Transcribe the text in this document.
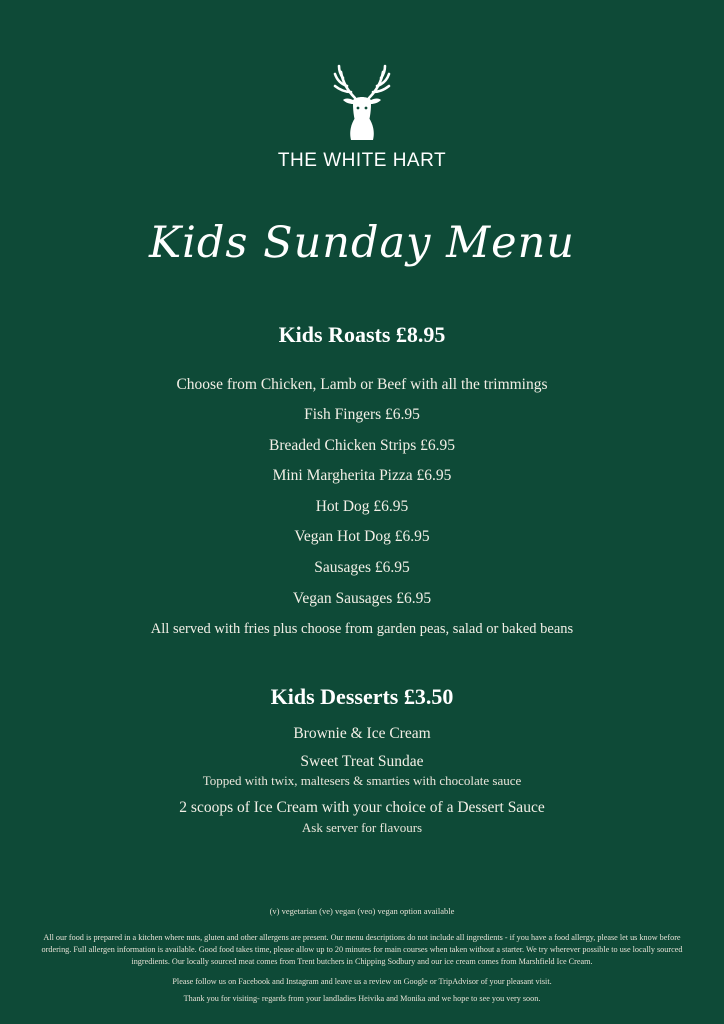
THE WHITE HART
Kids Sunday Menu
Kids Roasts £8.95
Choose from Chicken, Lamb or Beef with all the trimmings
Fish Fingers £6.95
Breaded Chicken Strips £6.95
Mini Margherita Pizza £6.95
Hot Dog £6.95
Vegan Hot Dog £6.95
Sausages £6.95
Vegan Sausages £6.95
All served with fries plus choose from garden peas, salad or baked beans
Kids Desserts £3.50
Brownie & Ice Cream
Sweet Treat Sundae
Topped with twix, maltesers & smarties with chocolate sauce
2 scoops of Ice Cream with your choice of a Dessert Sauce
Ask server for flavours
(v) vegetarian (ve) vegan (veo) vegan option available
All our food is prepared in a kitchen where nuts, gluten and other allergens are present. Our menu descriptions do not include all ingredients - if you have a food allergy, please let us know before ordering. Full allergen information is available. Good food takes time, please allow up to 20 minutes for main courses when taken without a starter. We try wherever possible to use locally sourced ingredients. Our locally sourced meat comes from Trent butchers in Chipping Sodbury and our ice cream comes from Marshfield Ice Cream.
Please follow us on Facebook and Instagram and leave us a review on Google or TripAdvisor of your pleasant visit.
Thank you for visiting- regards from your landladies Heivika and Monika and we hope to see you very soon.
